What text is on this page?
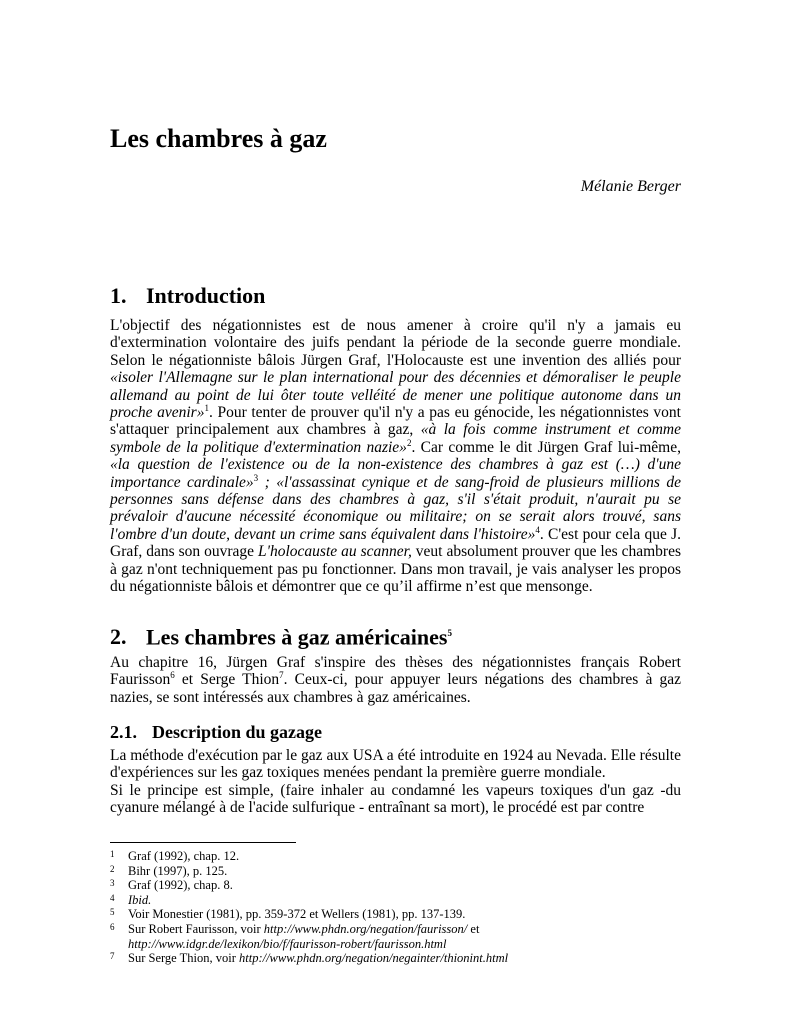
Les chambres à gaz
Mélanie Berger
1. Introduction

L'objectif des négationnistes est de nous amener à croire qu'il n'y a jamais eu d'extermination volontaire des juifs pendant la période de la seconde guerre mondiale. Selon le négationniste bâlois Jürgen Graf, l'Holocauste est une invention des alliés pour «isoler l'Allemagne sur le plan international pour des décennies et démoraliser le peuple allemand au point de lui ôter toute velléité de mener une politique autonome dans un proche avenir»$^1$. Pour tenter de prouver qu'il n'y a pas eu génocide, les négationnistes vont s'attaquer principalement aux chambres à gaz, «à la fois comme instrument et comme symbole de la politique d'extermination nazie»$^2$. Car comme le dit Jürgen Graf lui-même, «la question de l'existence ou de la non-existence des chambres à gaz est (…) d'une importance cardinale»$^3$ ; «l'assassinat cynique et de sang-froid de plusieurs millions de personnes sans défense dans des chambres à gaz, s'il s'était produit, n'aurait pu se prévaloir d'aucune nécessité économique ou militaire; on se serait alors trouvé, sans l'ombre d'un doute, devant un crime sans équivalent dans l'histoire»$^4$. C'est pour cela que J. Graf, dans son ouvrage L'holocauste au scanner, veut absolument prouver que les chambres à gaz n'ont techniquement pas pu fonctionner. Dans mon travail, je vais analyser les propos du négationniste bâlois et démontrer que ce qu’il affirme n’est que mensonge.

2. Les chambres à gaz américaines$^5$

Au chapitre 16, Jürgen Graf s'inspire des thèses des négationnistes français Robert Faurisson$^6$ et Serge Thion$^7$. Ceux-ci, pour appuyer leurs négations des chambres à gaz nazies, se sont intéressés aux chambres à gaz américaines.

2.1. Description du gazage

La méthode d'exécution par le gaz aux USA a été introduite en 1924 au Nevada. Elle résulte d'expériences sur les gaz toxiques menées pendant la première guerre mondiale.

Si le principe est simple, (faire inhaler au condamné les vapeurs toxiques d'un gaz -du cyanure mélangé à de l'acide sulfurique - entraînant sa mort), le procédé est par contre

1 Graf (1992), chap. 12.
2 Bihr (1997), p. 125.
3 Graf (1992), chap. 8.
4 Ibid.
5 Voir Monestier (1981), pp. 359-372 et Wellers (1981), pp. 137-139.
6 Sur Robert Faurisson, voir http://www.phdn.org/negation/faurisson/ et
http://www.idgr.de/lexikon/bio/f/faurisson-robert/faurisson.html
7 Sur Serge Thion, voir http://www.phdn.org/negation/negainter/thionint.html
